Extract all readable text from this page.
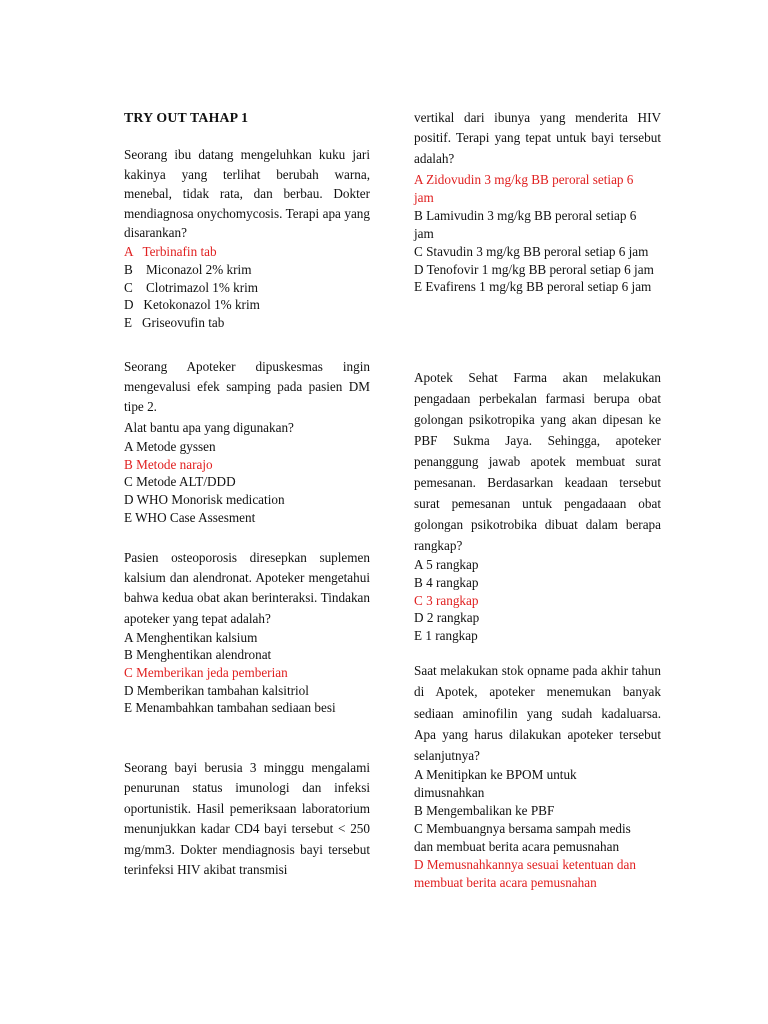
TRY OUT TAHAP 1

Seorang ibu datang mengeluhkan kuku jari kakinya yang terlihat berubah warna, menebal, tidak rata, dan berbau. Dokter mendiagnosa onychomycosis. Terapi apa yang disarankan?

A   Terbinafin tab
B    Miconazol 2% krim
C    Clotrimazol 1% krim
D   Ketokonazol 1% krim
E   Griseovufin tab

Seorang Apoteker dipuskesmas ingin mengevalusi efek samping pada pasien DM tipe 2.
Alat bantu apa yang digunakan?

A Metode gyssen
B Metode narajo
C Metode ALT/DDD
D WHO Monorisk medication
E WHO Case Assesment

Pasien osteoporosis diresepkan suplemen kalsium dan alendronat. Apoteker mengetahui bahwa kedua obat akan berinteraksi. Tindakan apoteker yang tepat adalah?

A Menghentikan kalsium
B Menghentikan alendronat
C Memberikan jeda pemberian
D Memberikan tambahan kalsitriol
E Menambahkan tambahan sediaan besi

Seorang bayi berusia 3 minggu mengalami penurunan status imunologi dan infeksi oportunistik. Hasil pemeriksaan laboratorium menunjukkan kadar CD4 bayi tersebut < 250 mg/mm3. Dokter mendiagnosis bayi tersebut terinfeksi HIV akibat transmisi

vertikal dari ibunya yang menderita HIV positif. Terapi yang tepat untuk bayi tersebut adalah?

A Zidovudin 3 mg/kg BB peroral setiap 6 jam
B Lamivudin 3 mg/kg BB peroral setiap 6 jam
C Stavudin 3 mg/kg BB peroral setiap 6 jam
D Tenofovir 1 mg/kg BB peroral setiap 6 jam
E Evafirens 1 mg/kg BB peroral setiap 6 jam

Apotek Sehat Farma akan melakukan pengadaan perbekalan farmasi berupa obat golongan psikotropika yang akan dipesan ke PBF Sukma Jaya. Sehingga, apoteker penanggung jawab apotek membuat surat pemesanan. Berdasarkan keadaan tersebut surat pemesanan untuk pengadaaan obat golongan psikotrobika dibuat dalam berapa rangkap?

A 5 rangkap
B 4 rangkap
C 3 rangkap
D 2 rangkap
E 1 rangkap

Saat melakukan stok opname pada akhir tahun di Apotek, apoteker menemukan banyak sediaan aminofilin yang sudah kadaluarsa. Apa yang harus dilakukan apoteker tersebut selanjutnya?

A Menitipkan ke BPOM untuk dimusnahkan
B Mengembalikan ke PBF
C Membuangnya bersama sampah medis dan membuat berita acara pemusnahan
D Memusnahkannya sesuai ketentuan dan membuat berita acara pemusnahan
